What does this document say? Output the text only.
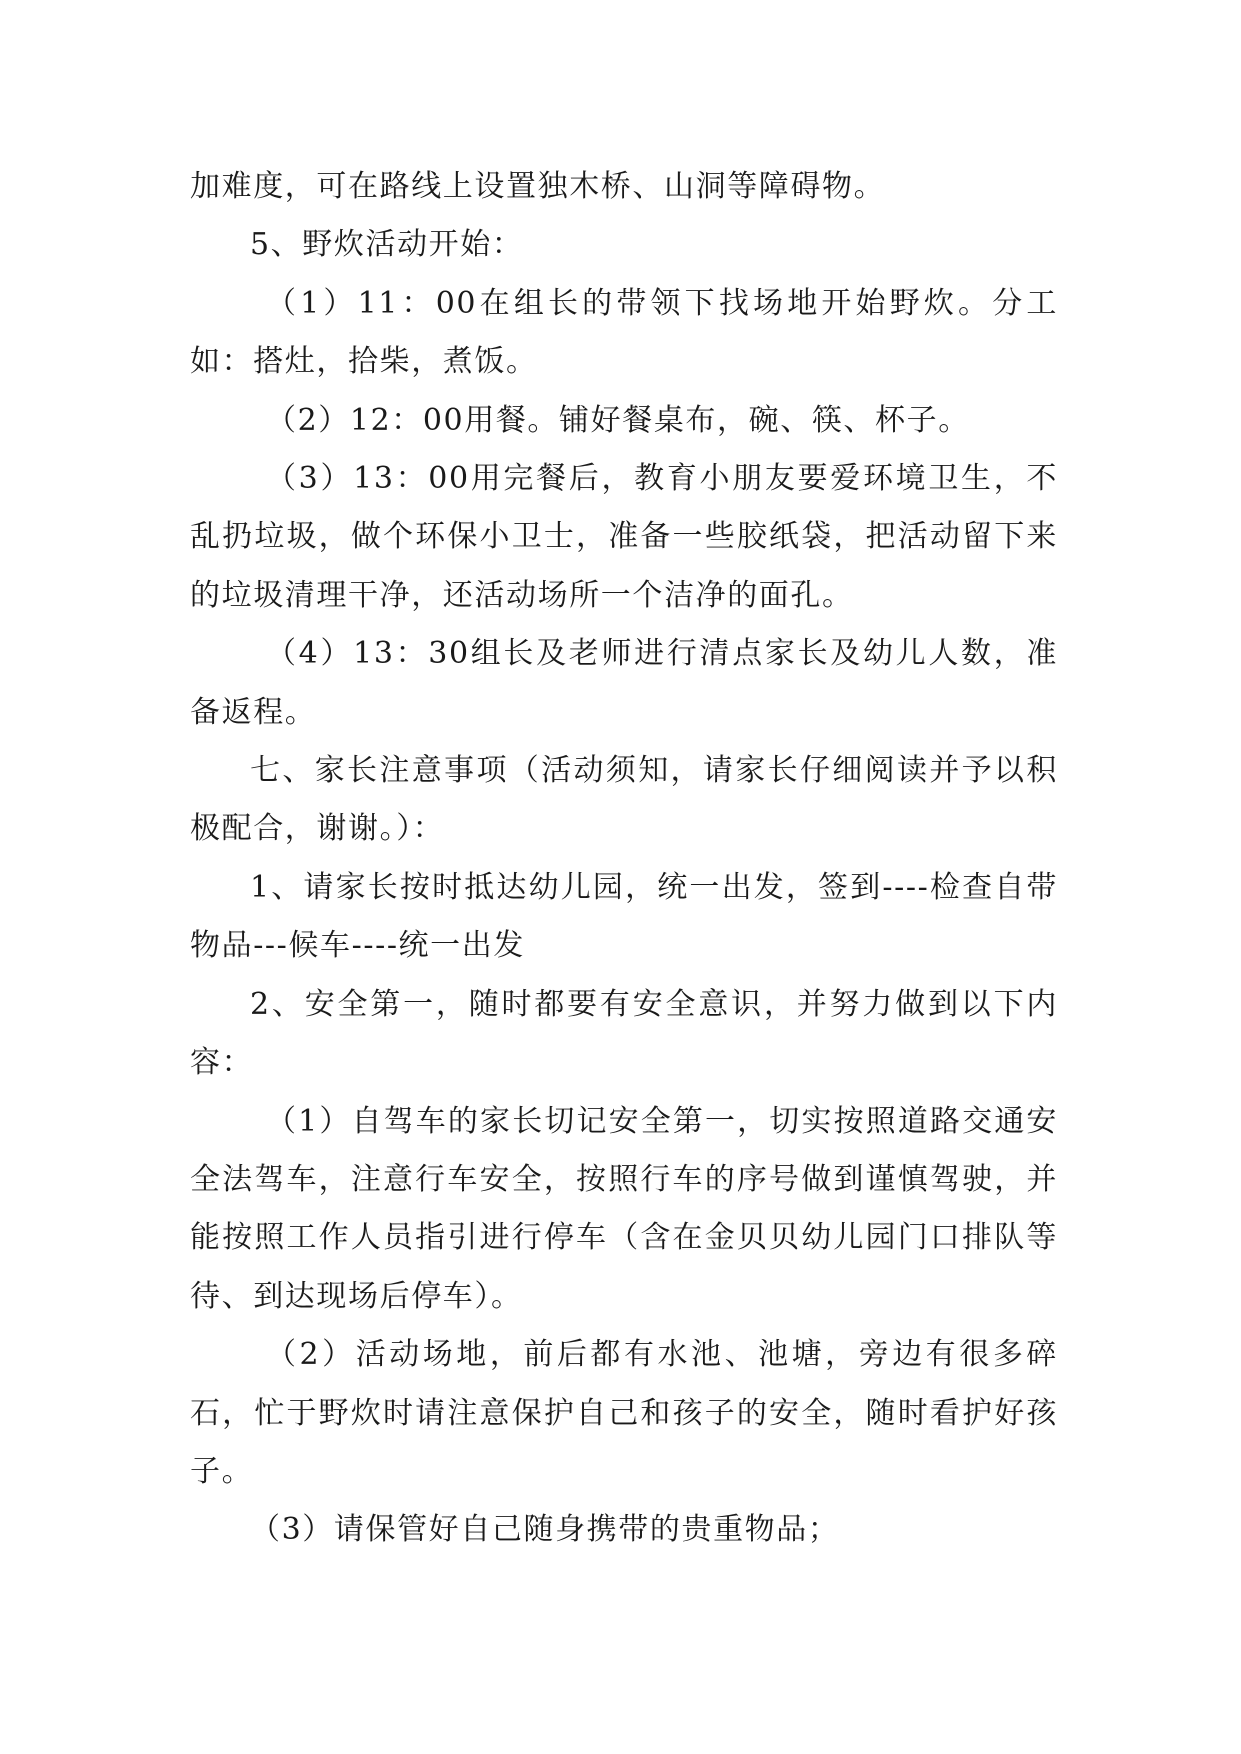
加难度，可在路线上设置独木桥、山洞等障碍物。

5、野炊活动开始：

（1）11：00在组长的带领下找场地开始野炊。分工如：搭灶，拾柴，煮饭。

（2）12：00用餐。铺好餐桌布，碗、筷、杯子。

（3）13：00用完餐后，教育小朋友要爱环境卫生，不乱扔垃圾，做个环保小卫士，准备一些胶纸袋，把活动留下来的垃圾清理干净，还活动场所一个洁净的面孔。

（4）13：30组长及老师进行清点家长及幼儿人数，准备返程。

七、家长注意事项（活动须知，请家长仔细阅读并予以积极配合，谢谢。）：

1、请家长按时抵达幼儿园，统一出发，签到----检查自带物品---候车----统一出发

2、安全第一，随时都要有安全意识，并努力做到以下内容：

（1）自驾车的家长切记安全第一，切实按照道路交通安全法驾车，注意行车安全，按照行车的序号做到谨慎驾驶，并能按照工作人员指引进行停车（含在金贝贝幼儿园门口排队等待、到达现场后停车）。

（2）活动场地，前后都有水池、池塘，旁边有很多碎石，忙于野炊时请注意保护自己和孩子的安全，随时看护好孩子。

（3）请保管好自己随身携带的贵重物品；
